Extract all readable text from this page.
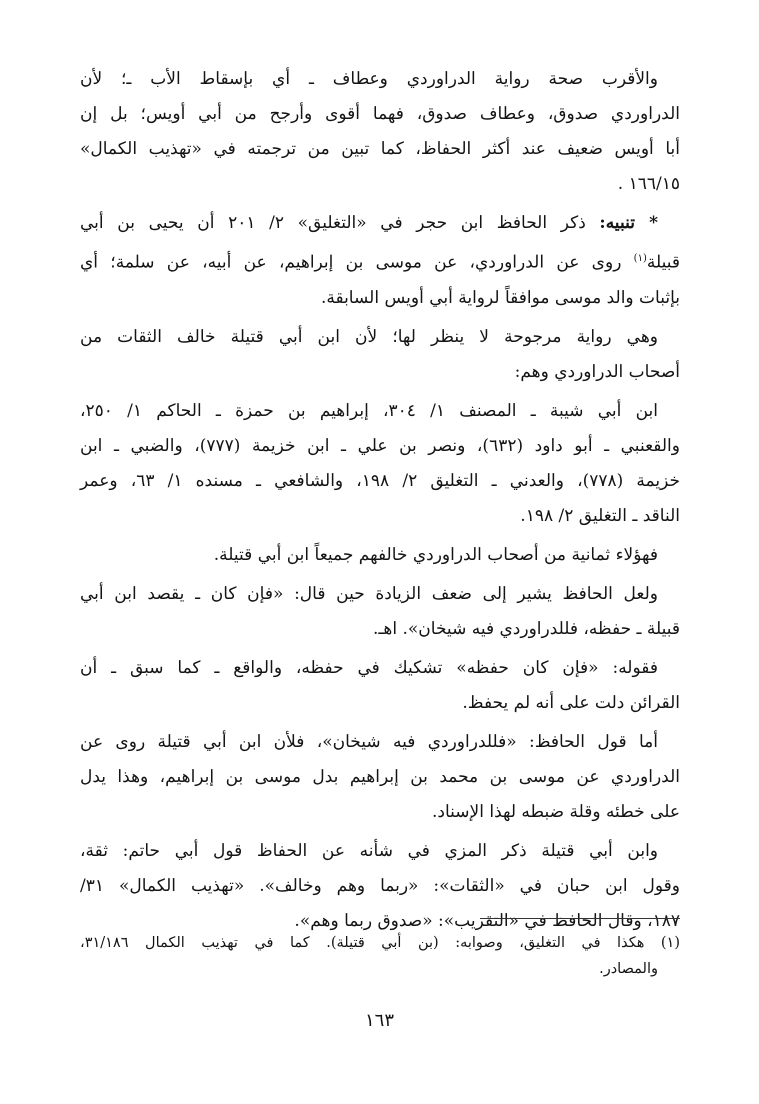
والأقرب صحة رواية الدراوردي وعطاف ـ أي بإسقاط الأب ـ؛ لأن
الدراوردي صدوق، وعطاف صدوق، فهما أقوى وأرجح من أبي أويس؛ بل إن
أبا أويس ضعيف عند أكثر الحفاظ، كما تبين من ترجمته في «تهذيب الكمال»
١٦٦/١٥ .
* تنبيه: ذكر الحافظ ابن حجر في «التغليق» ٢/ ٢٠١ أن يحيى بن أبي
قبيلة$^{(١)}$ روى عن الدراوردي، عن موسى بن إبراهيم، عن أبيه، عن سلمة؛ أي
بإثبات والد موسى موافقاً لرواية أبي أويس السابقة.
وهي رواية مرجوحة لا ينظر لها؛ لأن ابن أبي قتيلة خالف الثقات من
أصحاب الدراوردي وهم:
ابن أبي شيبة ـ المصنف ١/ ٣٠٤، إبراهيم بن حمزة ـ الحاكم ١/ ٢٥٠،
والقعنبي ـ أبو داود (٦٣٢)، ونصر بن علي ـ ابن خزيمة (٧٧٧)، والضبي ـ ابن
خزيمة (٧٧٨)، والعدني ـ التغليق ٢/ ١٩٨، والشافعي ـ مسنده ١/ ٦٣، وعمر
الناقد ـ التغليق ٢/ ١٩٨.
فهؤلاء ثمانية من أصحاب الدراوردي خالفهم جميعاً ابن أبي قتيلة.
ولعل الحافظ يشير إلى ضعف الزيادة حين قال: «فإن كان ـ يقصد ابن أبي
قبيلة ـ حفظه، فللدراوردي فيه شيخان». اهـ.
فقوله: «فإن كان حفظه» تشكيك في حفظه، والواقع ـ كما سبق ـ أن
القرائن دلت على أنه لم يحفظ.
أما قول الحافظ: «فللدراوردي فيه شيخان»، فلأن ابن أبي قتيلة روى عن
الدراوردي عن موسى بن محمد بن إبراهيم بدل موسى بن إبراهيم، وهذا يدل
على خطئه وقلة ضبطه لهذا الإسناد.
وابن أبي قتيلة ذكر المزي في شأنه عن الحفاظ قول أبي حاتم: ثقة،
وقول ابن حبان في «الثقات»: «ربما وهم وخالف». «تهذيب الكمال» ٣١/
١٨٧، وقال الحافظ في «التقريب»: «صدوق ربما وهم».
(١) هكذا في التغليق، وصوابه: (بن أبي قتيلة). كما في تهذيب الكمال ٣١/١٨٦،
والمصادر.
١٦٣
